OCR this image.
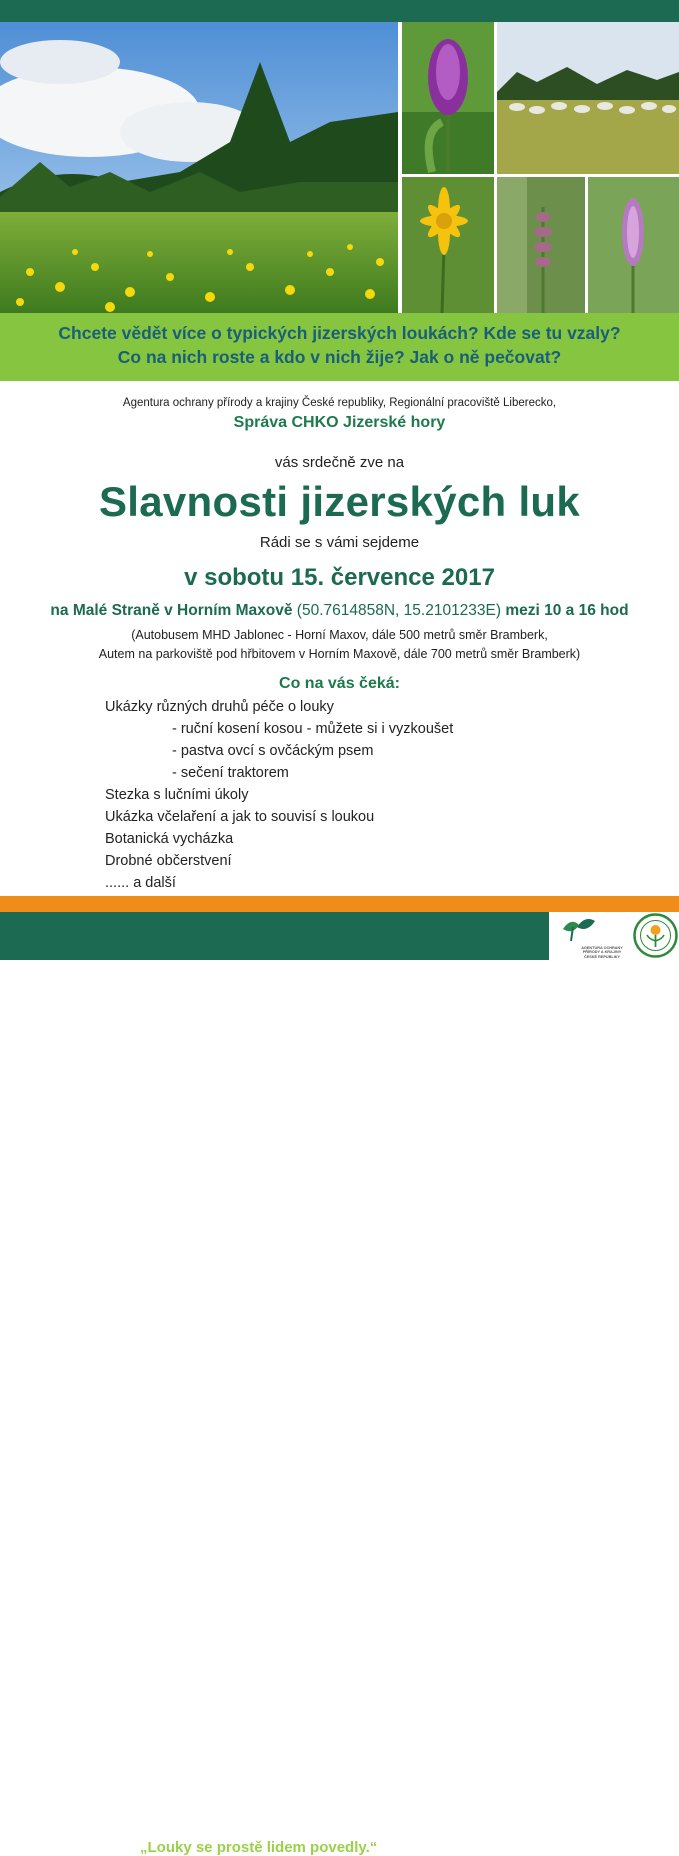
Chcete vědět více o typických jizerských loukách? Kde se tu vzaly?

Co na nich roste a kdo v nich žije? Jak o ně pečovat?

Agentura ochrany přírody a krajiny České republiky, Regionální pracoviště Liberecko,
Správa CHKO Jizerské hory
vás srdečně zve na
Slavnosti jizerských luk
Rádi se s vámi sejdeme
v sobotu 15. července 2017
na Malé Straně v Horním Maxově (50.7614858N, 15.2101233E) mezi 10 a 16 hod
(Autobusem MHD Jablonec - Horní Maxov, dále 500 metrů směr Bramberk,
Autem na parkoviště pod hřbitovem v Horním Maxově, dále 700 metrů směr Bramberk)
Co na vás čeká:
Ukázky různých druhů péče o louky
- ruční kosení kosou - můžete si i vyzkoušet
- pastva ovcí s ovčáckým psem
- sečení traktorem
Stezka s lučními úkoly
Ukázka včelaření a jak to souvisí s loukou
Botanická vycházka
Drobné občerstvení
...... a další
„Louky se prostě lidem povedly.“
AGENTURA OCHRANY PŘÍRODY A KRAJINY ČESKÉ REPUBLIKY
